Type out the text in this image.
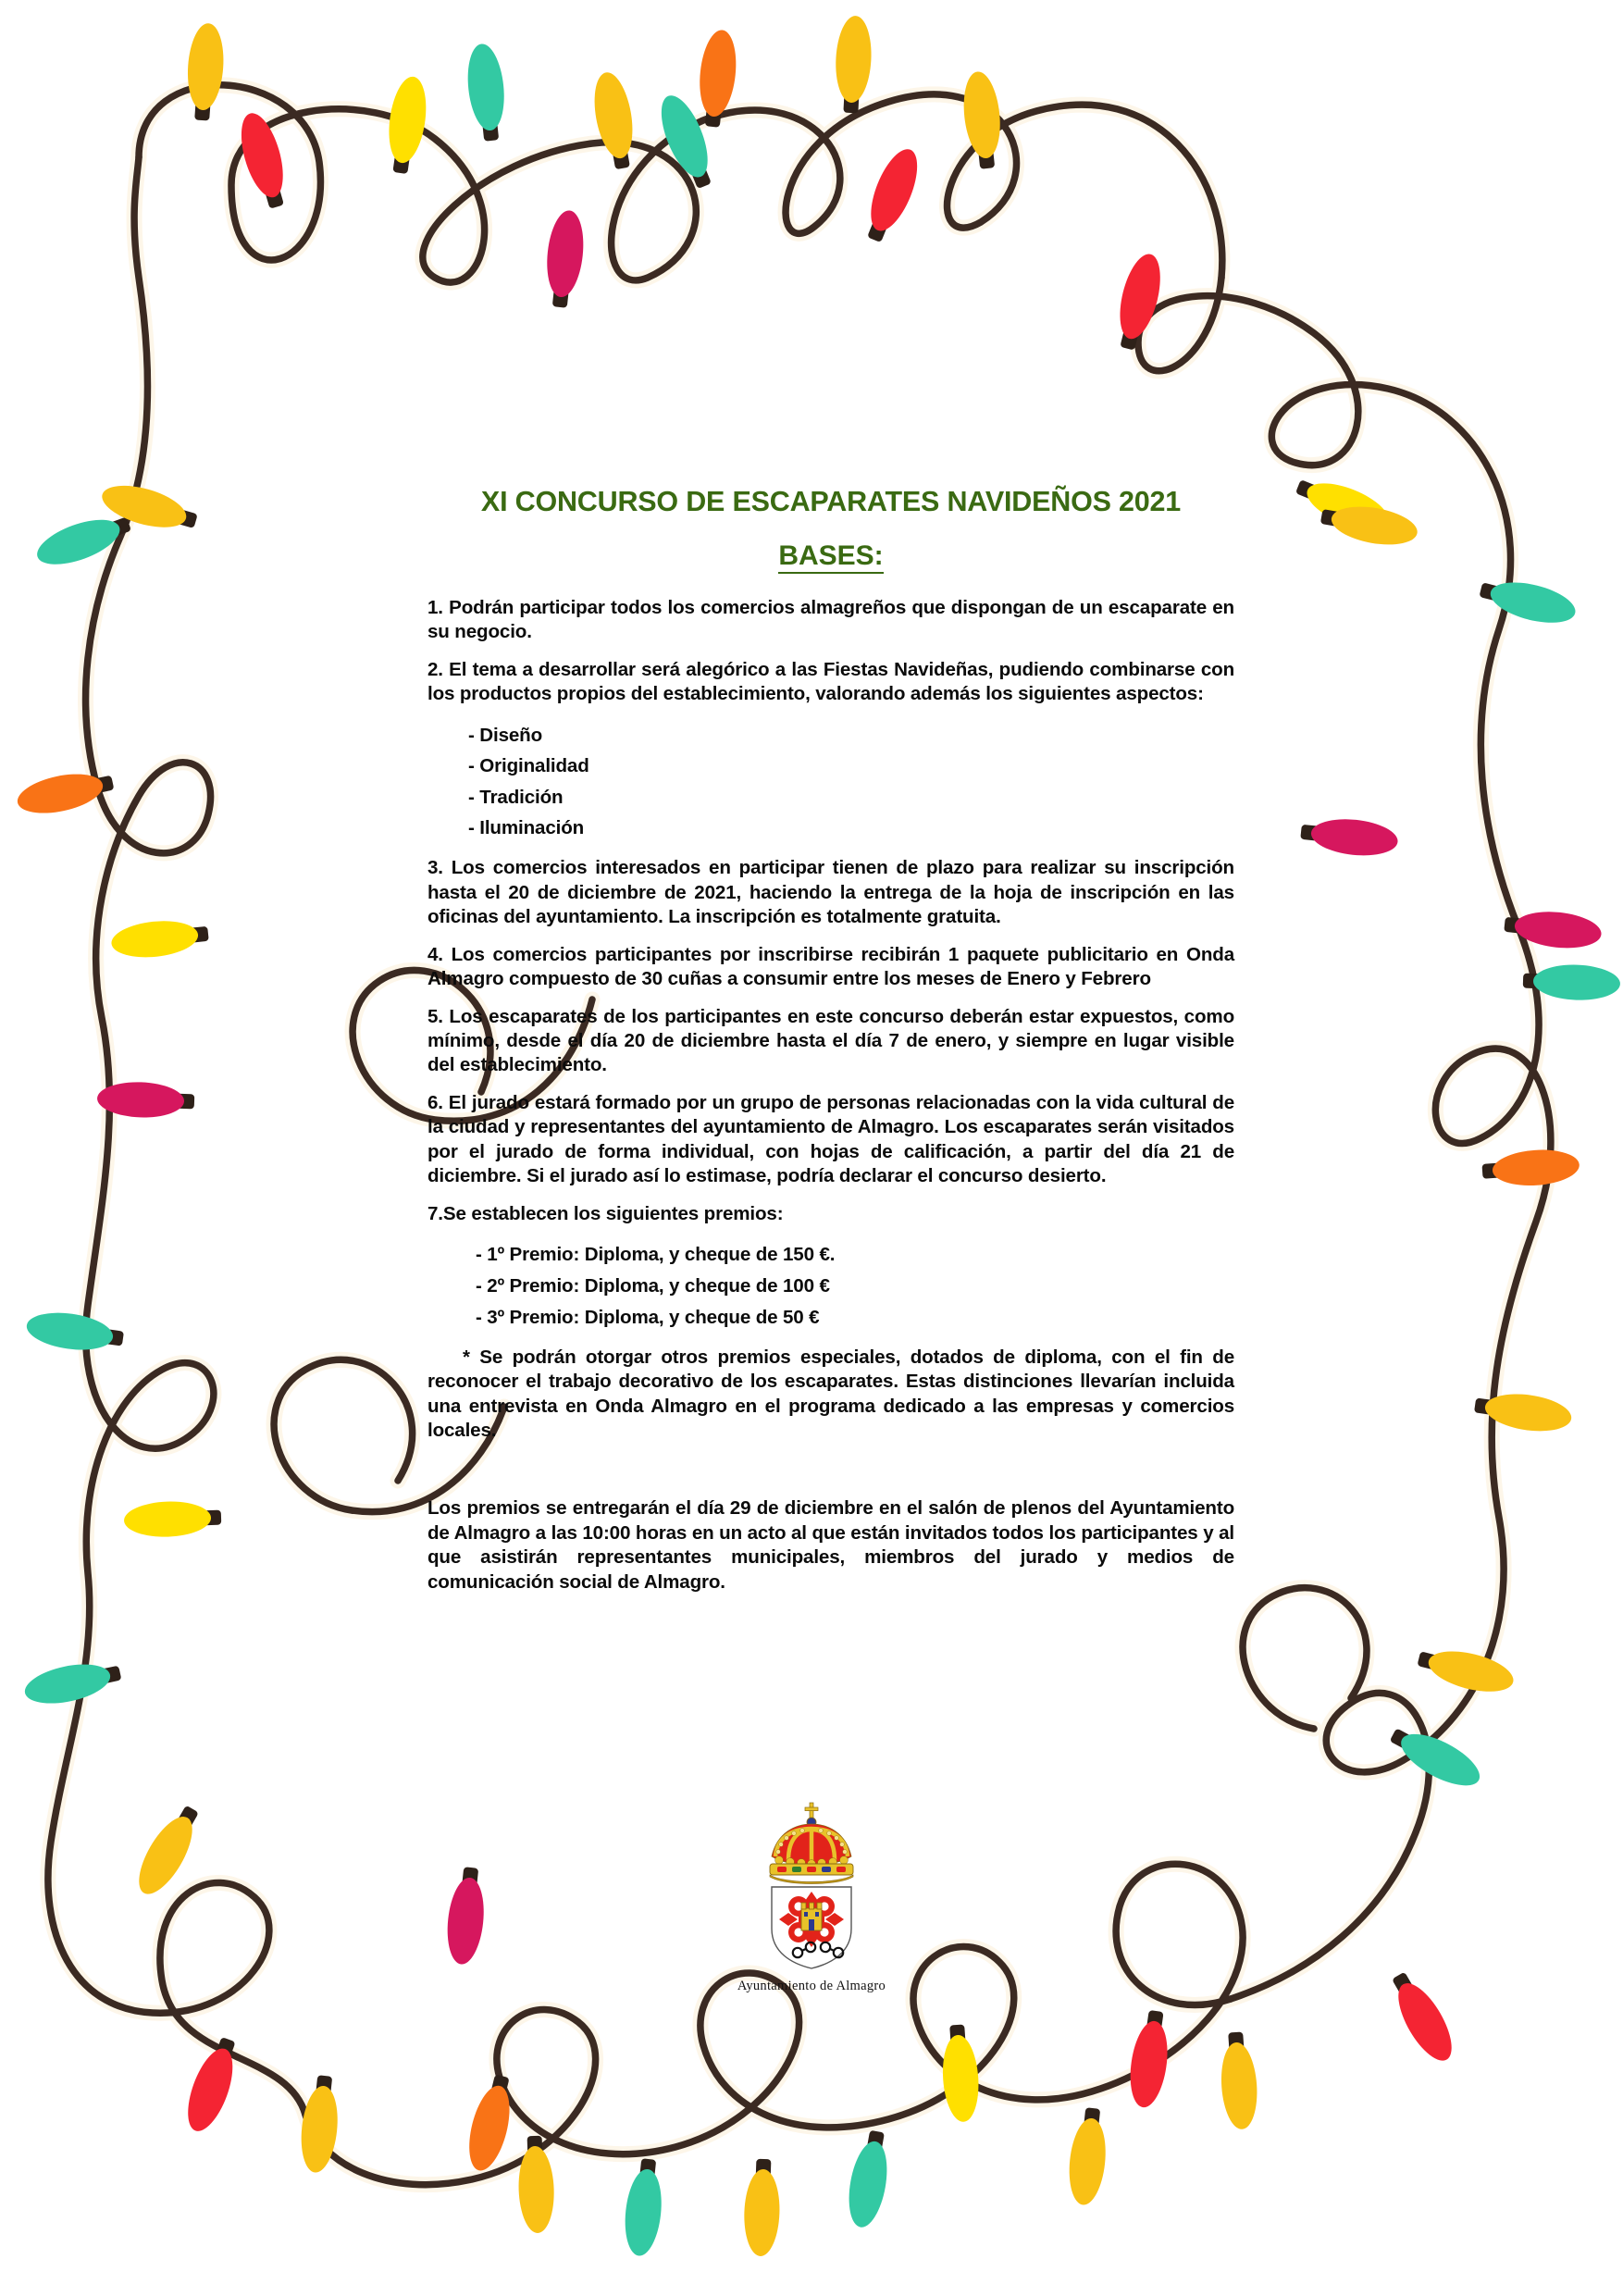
XI CONCURSO DE ESCAPARATES NAVIDEÑOS 2021
BASES:

1. Podrán participar todos los comercios almagreños que dispongan de un escaparate en su negocio.

2. El tema a desarrollar será alegórico a las Fiestas Navideñas, pudiendo combinarse con los productos propios del establecimiento, valorando además los siguientes aspectos:

- Diseño
- Originalidad
- Tradición
- Iluminación

3. Los comercios interesados en participar tienen de plazo para realizar su inscripción hasta el 20 de diciembre de 2021, haciendo la entrega de la hoja de inscripción en las oficinas del ayuntamiento. La inscripción es totalmente gratuita.

4. Los comercios participantes por inscribirse recibirán 1 paquete publicitario en Onda Almagro compuesto de 30 cuñas a consumir entre los meses de Enero y Febrero

5. Los escaparates de los participantes en este concurso deberán estar expuestos, como mínimo, desde el día 20 de diciembre hasta el día 7 de enero, y siempre en lugar visible del establecimiento.

6. El jurado estará formado por un grupo de personas relacionadas con la vida cultural de la ciudad y representantes del ayuntamiento de Almagro. Los escaparates serán visitados por el jurado de forma individual, con hojas de calificación, a partir del día 21 de diciembre. Si el jurado así lo estimase, podría declarar el concurso desierto.

7.Se establecen los siguientes premios:

- 1º Premio: Diploma, y cheque de 150 €.
- 2º Premio: Diploma, y cheque de 100 €
- 3º Premio: Diploma, y cheque de 50 €

* Se podrán otorgar otros premios especiales, dotados de diploma, con el fin de reconocer el trabajo decorativo de los escaparates. Estas distinciones llevarían incluida una entrevista en Onda Almagro en el programa dedicado a las empresas y comercios locales.

Los premios se entregarán el día 29 de diciembre en el salón de plenos del Ayuntamiento de Almagro a las 10:00 horas en un acto al que están invitados todos los participantes y al que asistirán representantes municipales, miembros del jurado y medios de comunicación social de Almagro.

Ayuntamiento de Almagro
